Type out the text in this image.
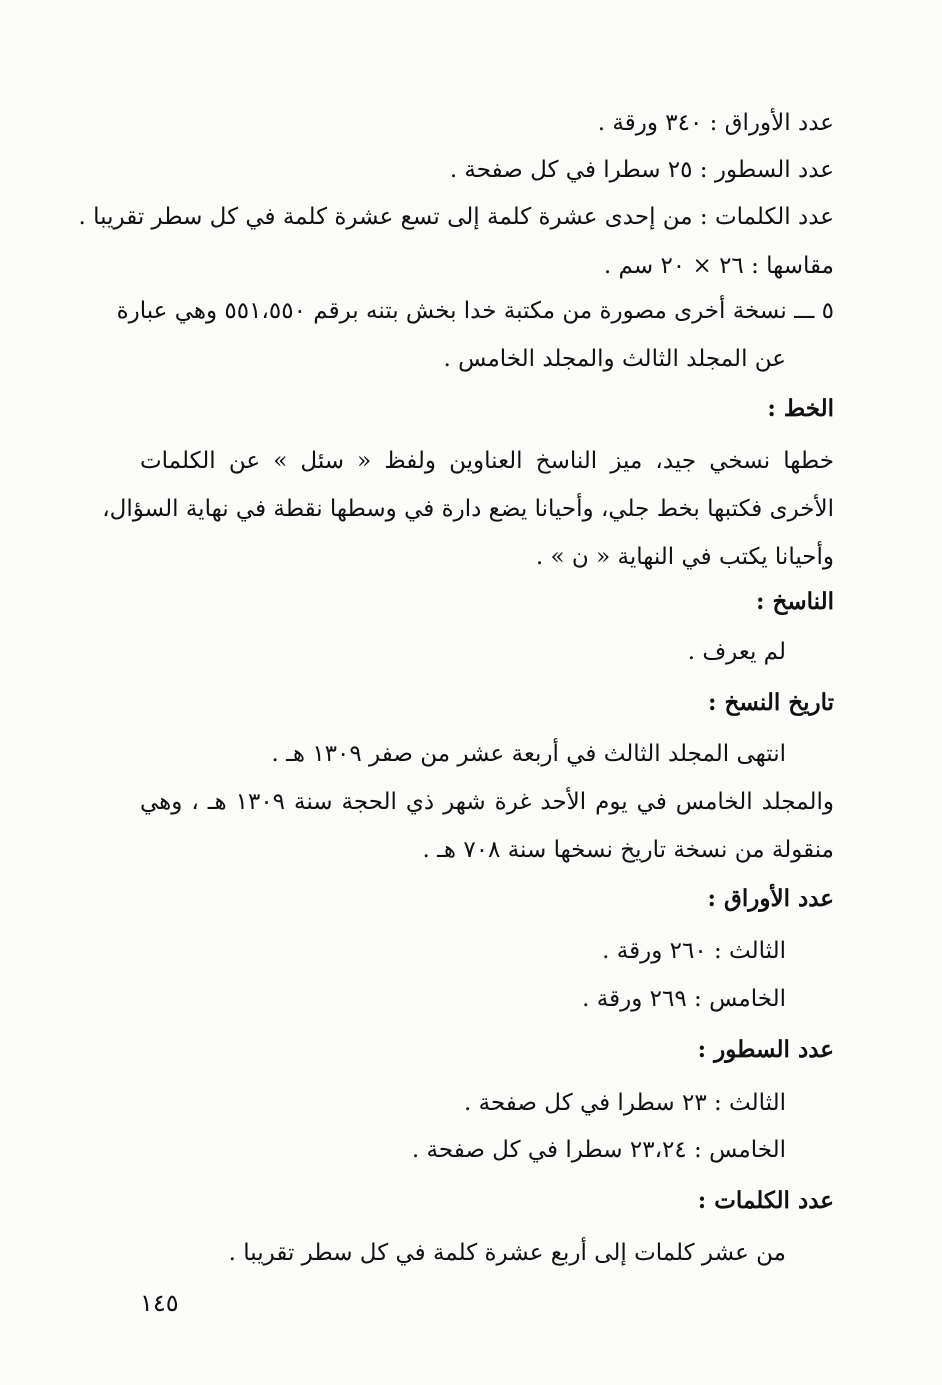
عدد الأوراق : ٣٤٠ ورقة .
عدد السطور : ٢٥ سطرا في كل صفحة .
عدد الكلمات : من إحدى عشرة كلمة إلى تسع عشرة كلمة في كل سطر تقريبا .
مقاسها : ٢٦ × ٢٠ سم .
٥ ـــ نسخة أخرى مصورة من مكتبة خدا بخش بتنه برقم ٥٥١،٥٥٠ وهي عبارة
عن المجلد الثالث والمجلد الخامس .
الخط :
خطها نسخي جيد، ميز الناسخ العناوين ولفظ « سئل » عن الكلمات
الأخرى فكتبها بخط جلي، وأحيانا يضع دارة في وسطها نقطة في نهاية السؤال،
وأحيانا يكتب في النهاية « ن » .
الناسخ :
لم يعرف .
تاريخ النسخ :
انتهى المجلد الثالث في أربعة عشر من صفر ١٣٠٩ هـ .
والمجلد الخامس في يوم الأحد غرة شهر ذي الحجة سنة ١٣٠٩ هـ ، وهي
منقولة من نسخة تاريخ نسخها سنة ٧٠٨ هـ .
عدد الأوراق :
الثالث : ٢٦٠ ورقة .
الخامس : ٢٦٩ ورقة .
عدد السطور :
الثالث : ٢٣ سطرا في كل صفحة .
الخامس : ٢٣،٢٤ سطرا في كل صفحة .
عدد الكلمات :
من عشر كلمات إلى أربع عشرة كلمة في كل سطر تقريبا .
١٤٥
